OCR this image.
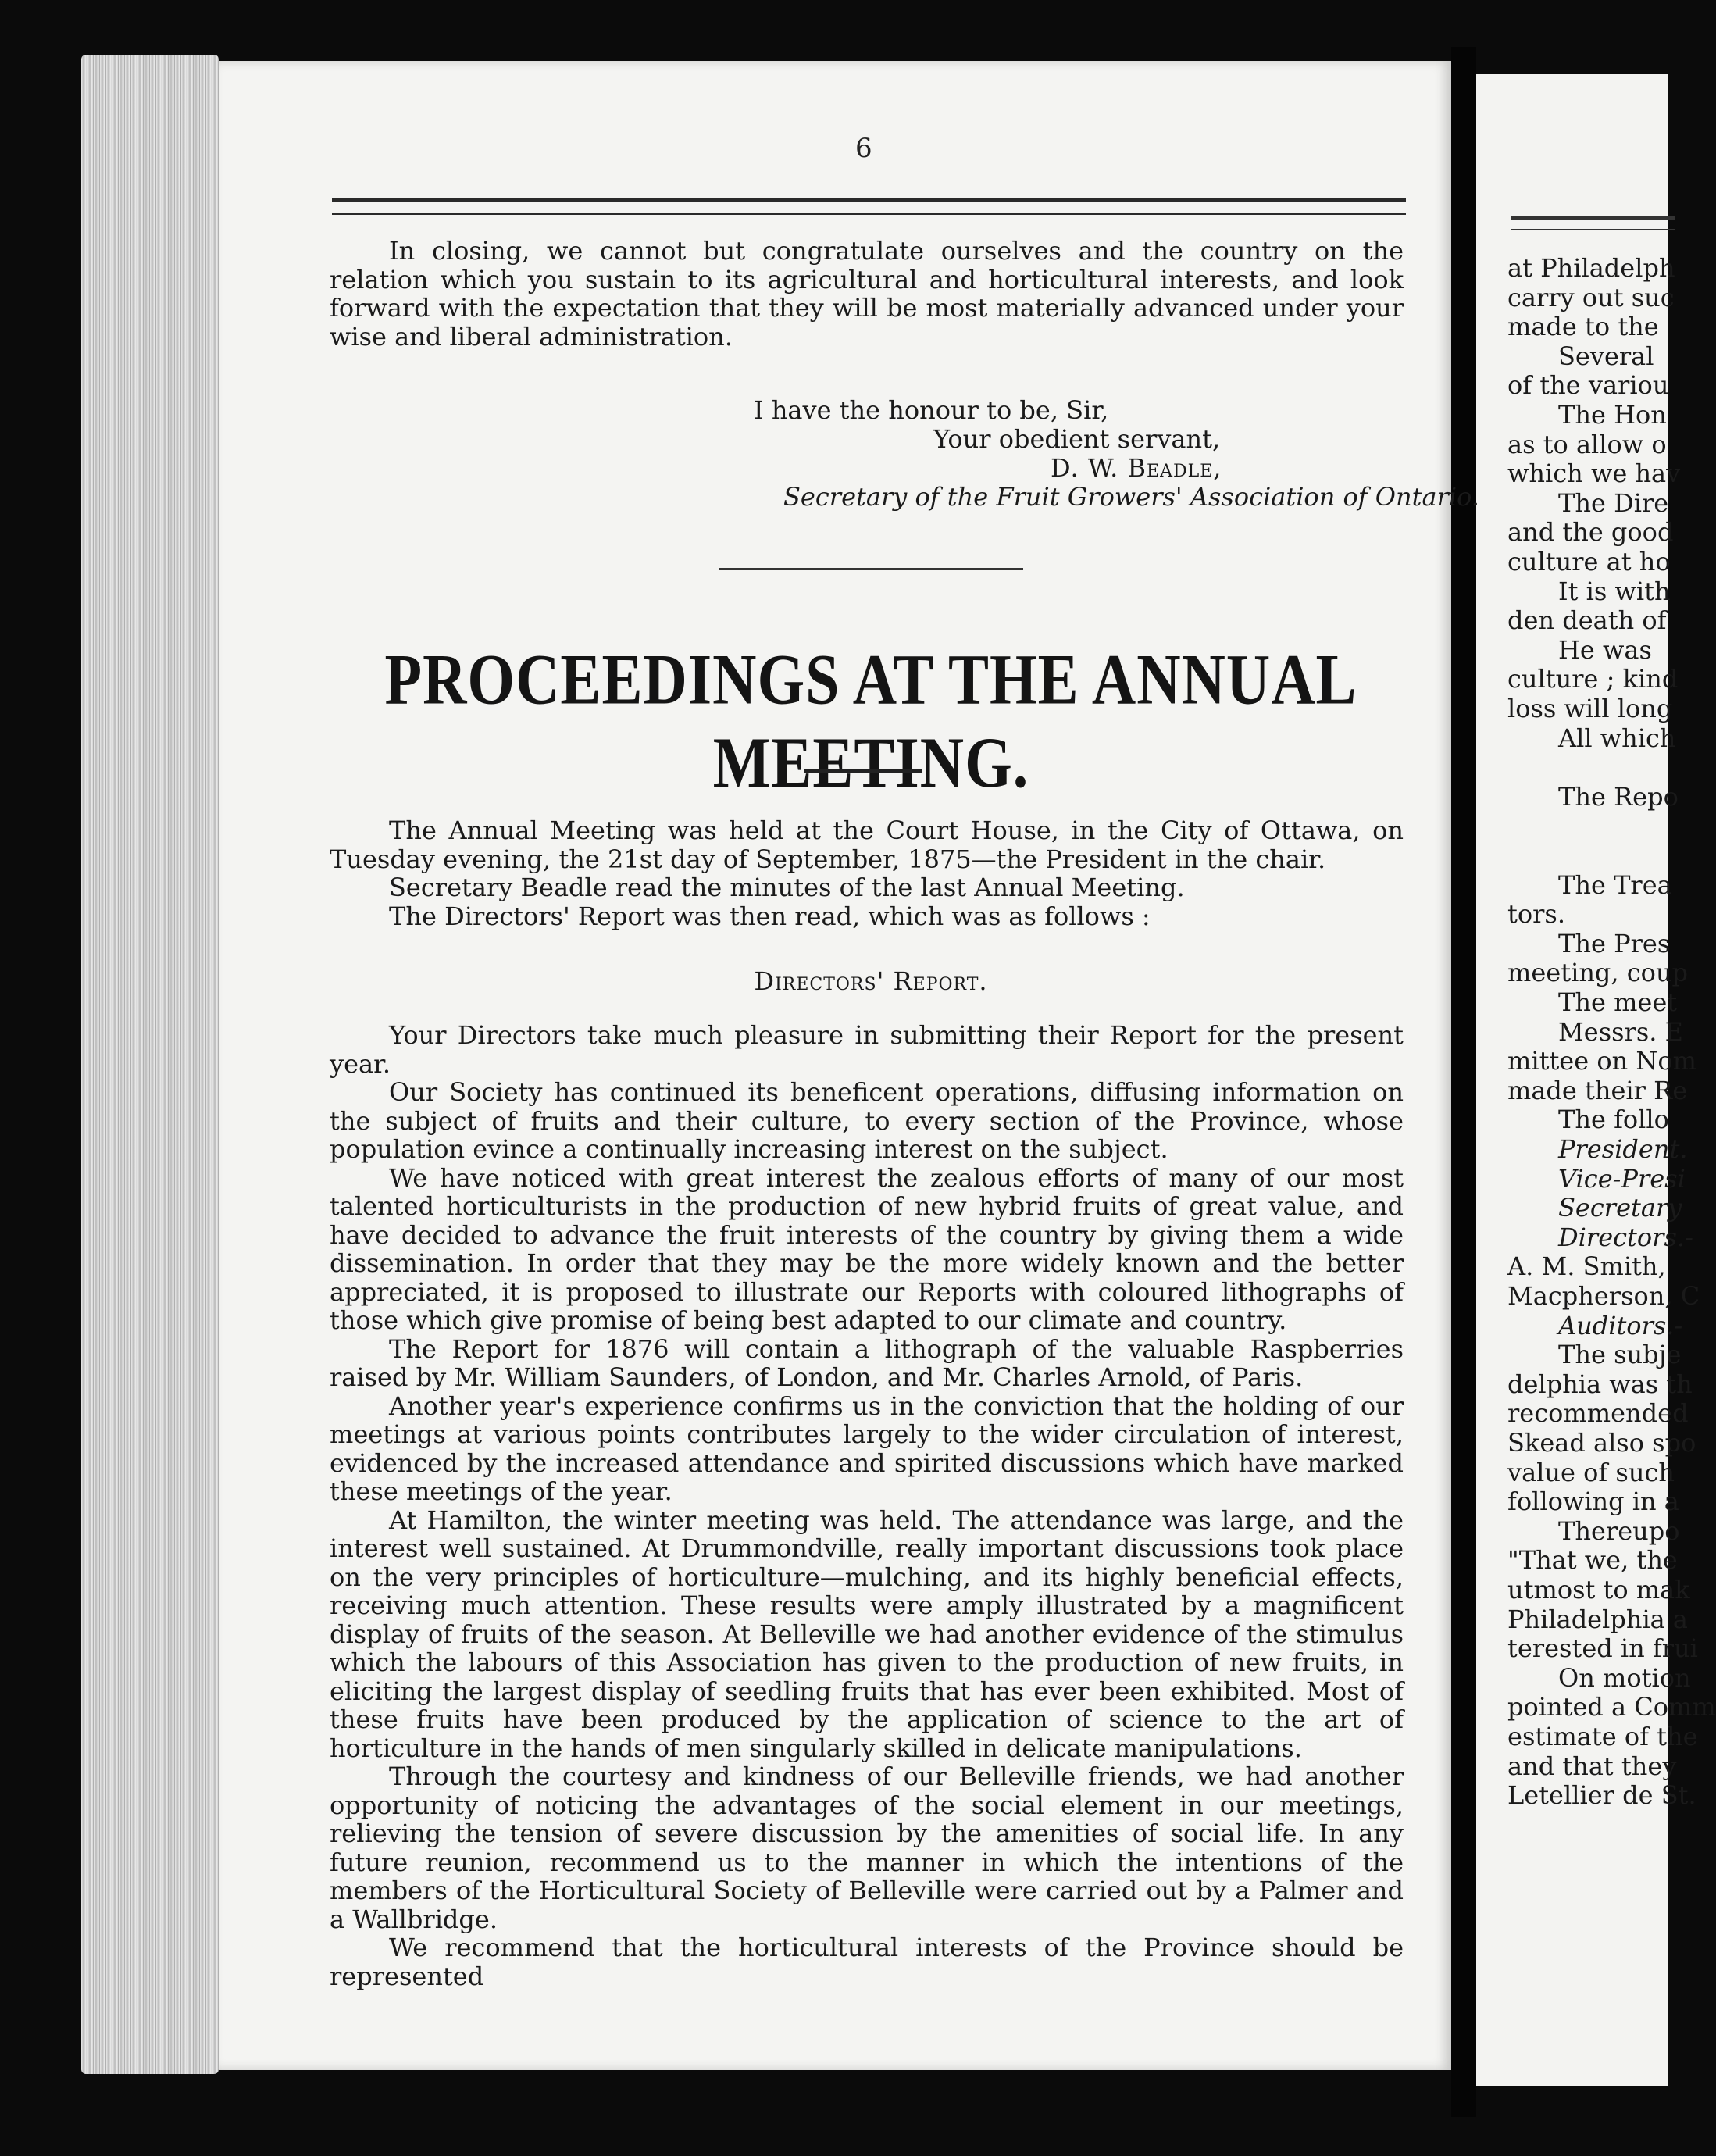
6

In closing, we cannot but congratulate ourselves and the country on the relation which you sustain to its agricultural and horticultural interests, and look forward with the expectation that they will be most materially advanced under your wise and liberal administration.

I have the honour to be, Sir,
Your obedient servant,
D. W. Beadle,
Secretary of the Fruit Growers' Association of Ontario.
PROCEEDINGS AT THE ANNUAL MEETING.

The Annual Meeting was held at the Court House, in the City of Ottawa, on Tuesday evening, the 21st day of September, 1875—the President in the chair.

Secretary Beadle read the minutes of the last Annual Meeting.

The Directors' Report was then read, which was as follows :

Directors' Report.

Your Directors take much pleasure in submitting their Report for the present year.

Our Society has continued its beneficent operations, diffusing information on the subject of fruits and their culture, to every section of the Province, whose population evince a continually increasing interest on the subject.

We have noticed with great interest the zealous efforts of many of our most talented horticulturists in the production of new hybrid fruits of great value, and have decided to advance the fruit interests of the country by giving them a wide dissemination. In order that they may be the more widely known and the better appreciated, it is proposed to illustrate our Reports with coloured lithographs of those which give promise of being best adapted to our climate and country.

The Report for 1876 will contain a lithograph of the valuable Raspberries raised by Mr. William Saunders, of London, and Mr. Charles Arnold, of Paris.

Another year's experience confirms us in the conviction that the holding of our meetings at various points contributes largely to the wider circulation of interest, evidenced by the increased attendance and spirited discussions which have marked these meetings of the year.

At Hamilton, the winter meeting was held. The attendance was large, and the interest well sustained. At Drummondville, really important discussions took place on the very principles of horticulture—mulching, and its highly beneficial effects, receiving much attention. These results were amply illustrated by a magnificent display of fruits of the season. At Belleville we had another evidence of the stimulus which the labours of this Association has given to the production of new fruits, in eliciting the largest display of seedling fruits that has ever been exhibited. Most of these fruits have been produced by the application of science to the art of horticulture in the hands of men singularly skilled in delicate manipulations.

Through the courtesy and kindness of our Belleville friends, we had another opportunity of noticing the advantages of the social element in our meetings, relieving the tension of severe discussion by the amenities of social life. In any future reunion, recommend us to the manner in which the intentions of the members of the Horticultural Society of Belleville were carried out by a Palmer and a Wallbridge.

We recommend that the horticultural interests of the Province should be represented

at Philadelph
carry out suc
made to the
Several
of the variou
The Hon
as to allow o
which we hav
The Dire
and the good
culture at ho
It is with
den death of
He was
culture ; kind
loss will long
All which
The Repo
The Trea
tors.
The Pres
meeting, coup
The meet
Messrs. E
mittee on Nom
made their Re
The follo
President.
Vice-Presi
Secretary
Directors.-
A. M. Smith,
Macpherson, C
Auditors.-
The subje
delphia was th
recommended
Skead also spo
value of such
following in a
Thereupo
"That we, the
utmost to mak
Philadelphia a
terested in frui
On motion
pointed a Comm
estimate of the
and that they
Letellier de St.
